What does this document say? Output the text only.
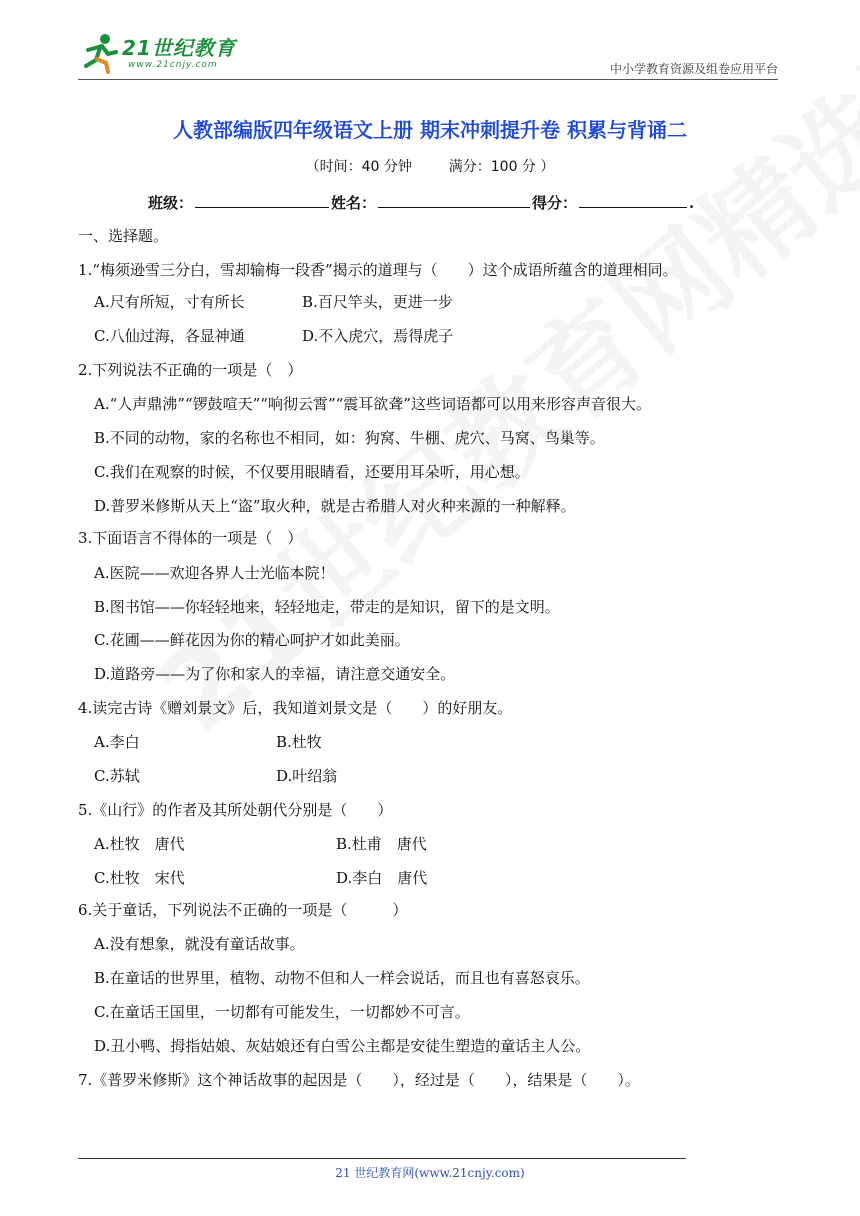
21世纪教育
www.21cnjy.com	中小学教育资源及组卷应用平台
人教部编版四年级语文上册 期末冲刺提升卷 积累与背诵二
（时间：40 分钟	满分：100 分 ）
班级：	姓名：	得分：	.
一、选择题。
1.“梅须逊雪三分白，雪却输梅一段香”揭示的道理与（　　）这个成语所蕴含的道理相同。
A.尺有所短，寸有所长	B.百尺竿头，更进一步
C.八仙过海，各显神通	D.不入虎穴，焉得虎子
2.下列说法不正确的一项是（　）
A.“人声鼎沸”“锣鼓喧天”“响彻云霄”“震耳欲聋”这些词语都可以用来形容声音很大。
B.不同的动物，家的名称也不相同，如：狗窝、牛棚、虎穴、马窝、鸟巢等。
C.我们在观察的时候，不仅要用眼睛看，还要用耳朵听，用心想。
D.普罗米修斯从天上“盗”取火种，就是古希腊人对火种来源的一种解释。
3.下面语言不得体的一项是（　）
A.医院——欢迎各界人士光临本院！
B.图书馆——你轻轻地来，轻轻地走，带走的是知识，留下的是文明。
C.花圃——鲜花因为你的精心呵护才如此美丽。
D.道路旁——为了你和家人的幸福，请注意交通安全。
4.读完古诗《赠刘景文》后，我知道刘景文是（　　）的好朋友。
A.李白	B.杜牧
C.苏轼	D.叶绍翁
5.《山行》的作者及其所处朝代分别是（　　）
A.杜牧　唐代	B.杜甫　唐代
C.杜牧　宋代	D.李白　唐代
6.关于童话，下列说法不正确的一项是（　　　）
A.没有想象，就没有童话故事。
B.在童话的世界里，植物、动物不但和人一样会说话，而且也有喜怒哀乐。
C.在童话王国里，一切都有可能发生，一切都妙不可言。
D.丑小鸭、拇指姑娘、灰姑娘还有白雪公主都是安徒生塑造的童话主人公。
7.《普罗米修斯》这个神话故事的起因是（　　），经过是（　　），结果是（　　）。
21 世纪教育网(www.21cnjy.com)
